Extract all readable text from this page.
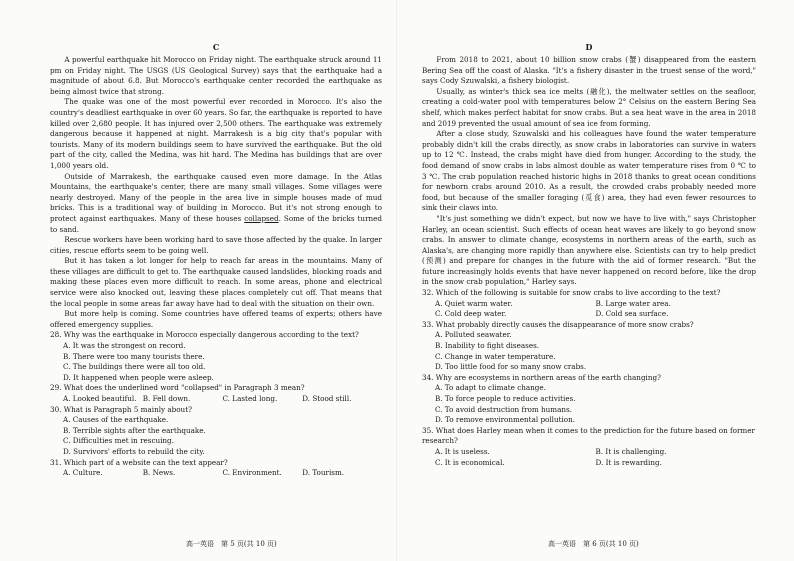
C

A powerful earthquake hit Morocco on Friday night. The earthquake struck around 11 pm on Friday night. The USGS (US Geological Survey) says that the earthquake had a magnitude of about 6.8. But Morocco's earthquake center recorded the earthquake as being almost twice that strong.

The quake was one of the most powerful ever recorded in Morocco. It's also the country's deadliest earthquake in over 60 years. So far, the earthquake is reported to have killed over 2,680 people. It has injured over 2,500 others. The earthquake was extremely dangerous because it happened at night. Marrakesh is a big city that's popular with tourists. Many of its modern buildings seem to have survived the earthquake. But the old part of the city, called the Medina, was hit hard. The Medina has buildings that are over 1,000 years old.

Outside of Marrakesh, the earthquake caused even more damage. In the Atlas Mountains, the earthquake's center, there are many small villages. Some villages were nearly destroyed. Many of the people in the area live in simple houses made of mud bricks. This is a traditional way of building in Morocco. But it's not strong enough to protect against earthquakes. Many of these houses collapsed. Some of the bricks turned to sand.

Rescue workers have been working hard to save those affected by the quake. In larger cities, rescue efforts seem to be going well.

But it has taken a lot longer for help to reach far areas in the mountains. Many of these villages are difficult to get to. The earthquake caused landslides, blocking roads and making these places even more difficult to reach. In some areas, phone and electrical service were also knocked out, leaving these places completely cut off. That means that the local people in some areas far away have had to deal with the situation on their own.

But more help is coming. Some countries have offered teams of experts; others have offered emergency supplies.

28. Why was the earthquake in Morocco especially dangerous according to the text?

A. It was the strongest on record.

B. There were too many tourists there.

C. The buildings there were all too old.

D. It happened when people were asleep.

29. What does the underlined word "collapsed" in Paragraph 3 mean?

A. Looked beautiful. B. Fell down.	C. Lasted long.	D. Stood still.

30. What is Paragraph 5 mainly about?

A. Causes of the earthquake.

B. Terrible sights after the earthquake.

C. Difficulties met in rescuing.

D. Survivors' efforts to rebuild the city.

31. Which part of a website can the text appear?

A. Culture.	B. News.	C. Environment.	D. Tourism.
高一英语　第 5 页(共 10 页)
D

From 2018 to 2021, about 10 billion snow crabs (蟹) disappeared from the eastern Bering Sea off the coast of Alaska. "It's a fishery disaster in the truest sense of the word," says Cody Szuwalski, a fishery biologist.

Usually, as winter's thick sea ice melts (融化), the meltwater settles on the seafloor, creating a cold-water pool with temperatures below 2° Celsius on the eastern Bering Sea shelf, which makes perfect habitat for snow crabs. But a sea heat wave in the area in 2018 and 2019 prevented the usual amount of sea ice from forming.

After a close study, Szuwalski and his colleagues have found the water temperature probably didn't kill the crabs directly, as snow crabs in laboratories can survive in waters up to 12 ℃. Instead, the crabs might have died from hunger. According to the study, the food demand of snow crabs in labs almost double as water temperature rises from 0 ℃ to 3 ℃. The crab population reached historic highs in 2018 thanks to great ocean conditions for newborn crabs around 2010. As a result, the crowded crabs probably needed more food, but because of the smaller foraging (觅食) area, they had even fewer resources to sink their claws into.

"It's just something we didn't expect, but now we have to live with," says Christopher Harley, an ocean scientist. Such effects of ocean heat waves are likely to go beyond snow crabs. In answer to climate change, ecosystems in northern areas of the earth, such as Alaska's, are changing more rapidly than anywhere else. Scientists can try to help predict (预测) and prepare for changes in the future with the aid of former research. "But the future increasingly holds events that have never happened on record before, like the drop in the snow crab population," Harley says.

32. Which of the following is suitable for snow crabs to live according to the text?

A. Quiet warm water.	B. Large water area.
C. Cold deep water.	D. Cold sea surface.

33. What probably directly causes the disappearance of more snow crabs?

A. Polluted seawater.

B. Inability to fight diseases.

C. Change in water temperature.

D. Too little food for so many snow crabs.

34. Why are ecosystems in northern areas of the earth changing?

A. To adapt to climate change.

B. To force people to reduce activities.

C. To avoid destruction from humans.

D. To remove environmental pollution.

35. What does Harley mean when it comes to the prediction for the future based on former research?

A. It is useless.	B. It is challenging.
C. It is economical.	D. It is rewarding.
高一英语　第 6 页(共 10 页)
